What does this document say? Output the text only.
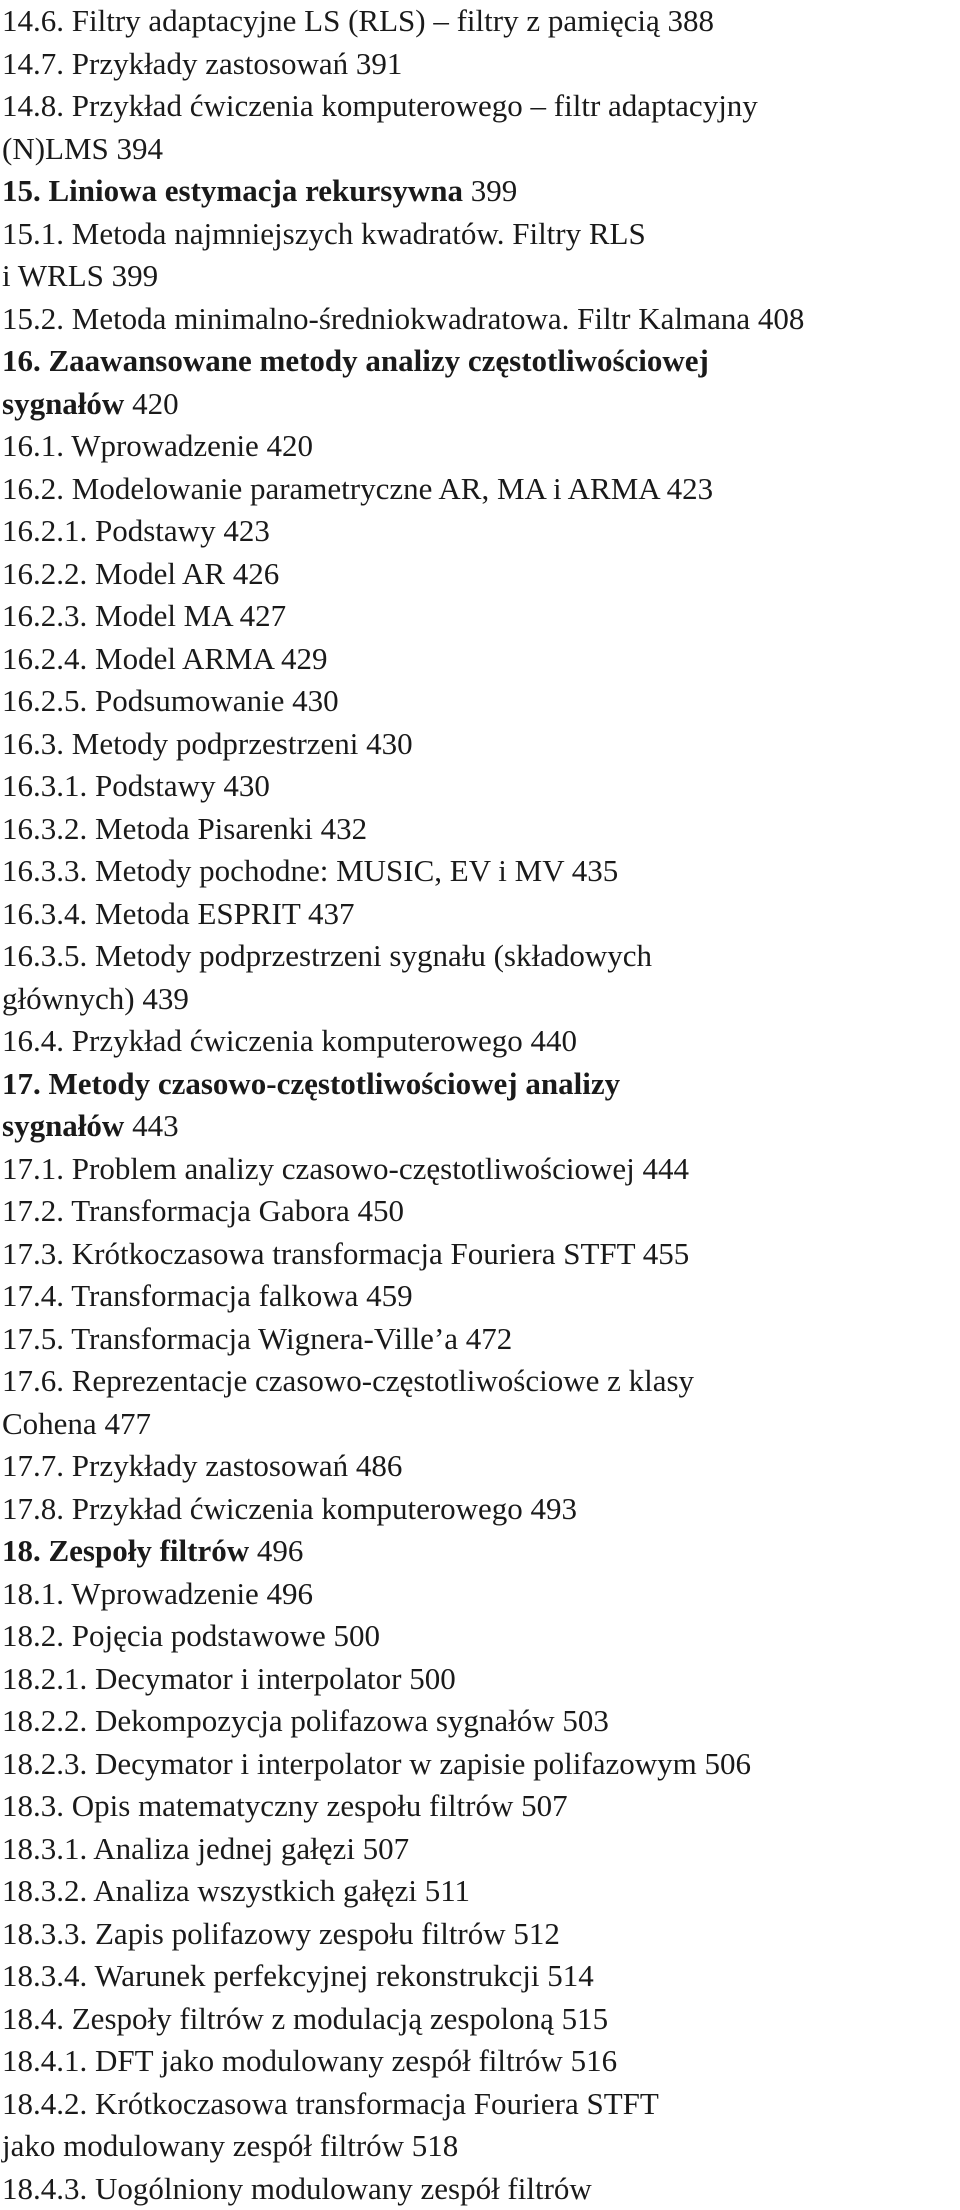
14.6. Filtry adaptacyjne LS (RLS) – filtry z pamięcią 388

14.7. Przykłady zastosowań 391

14.8. Przykład ćwiczenia komputerowego – filtr adaptacyjny

(N)LMS 394

15. Liniowa estymacja rekursywna 399

15.1. Metoda najmniejszych kwadratów. Filtry RLS

i WRLS 399

15.2. Metoda minimalno-średniokwadratowa. Filtr Kalmana 408

16. Zaawansowane metody analizy częstotliwościowej

sygnałów 420

16.1. Wprowadzenie 420

16.2. Modelowanie parametryczne AR, MA i ARMA 423

16.2.1. Podstawy 423

16.2.2. Model AR 426

16.2.3. Model MA 427

16.2.4. Model ARMA 429

16.2.5. Podsumowanie 430

16.3. Metody podprzestrzeni 430

16.3.1. Podstawy 430

16.3.2. Metoda Pisarenki 432

16.3.3. Metody pochodne: MUSIC, EV i MV 435

16.3.4. Metoda ESPRIT 437

16.3.5. Metody podprzestrzeni sygnału (składowych

głównych) 439

16.4. Przykład ćwiczenia komputerowego 440

17. Metody czasowo-częstotliwościowej analizy

sygnałów 443

17.1. Problem analizy czasowo-częstotliwościowej 444

17.2. Transformacja Gabora 450

17.3. Krótkoczasowa transformacja Fouriera STFT 455

17.4. Transformacja falkowa 459

17.5. Transformacja Wignera-Ville’a 472

17.6. Reprezentacje czasowo-częstotliwościowe z klasy

Cohena 477

17.7. Przykłady zastosowań 486

17.8. Przykład ćwiczenia komputerowego 493

18. Zespoły filtrów 496

18.1. Wprowadzenie 496

18.2. Pojęcia podstawowe 500

18.2.1. Decymator i interpolator 500

18.2.2. Dekompozycja polifazowa sygnałów 503

18.2.3. Decymator i interpolator w zapisie polifazowym 506

18.3. Opis matematyczny zespołu filtrów 507

18.3.1. Analiza jednej gałęzi 507

18.3.2. Analiza wszystkich gałęzi 511

18.3.3. Zapis polifazowy zespołu filtrów 512

18.3.4. Warunek perfekcyjnej rekonstrukcji 514

18.4. Zespoły filtrów z modulacją zespoloną 515

18.4.1. DFT jako modulowany zespół filtrów 516

18.4.2. Krótkoczasowa transformacja Fouriera STFT

jako modulowany zespół filtrów 518

18.4.3. Uogólniony modulowany zespół filtrów
